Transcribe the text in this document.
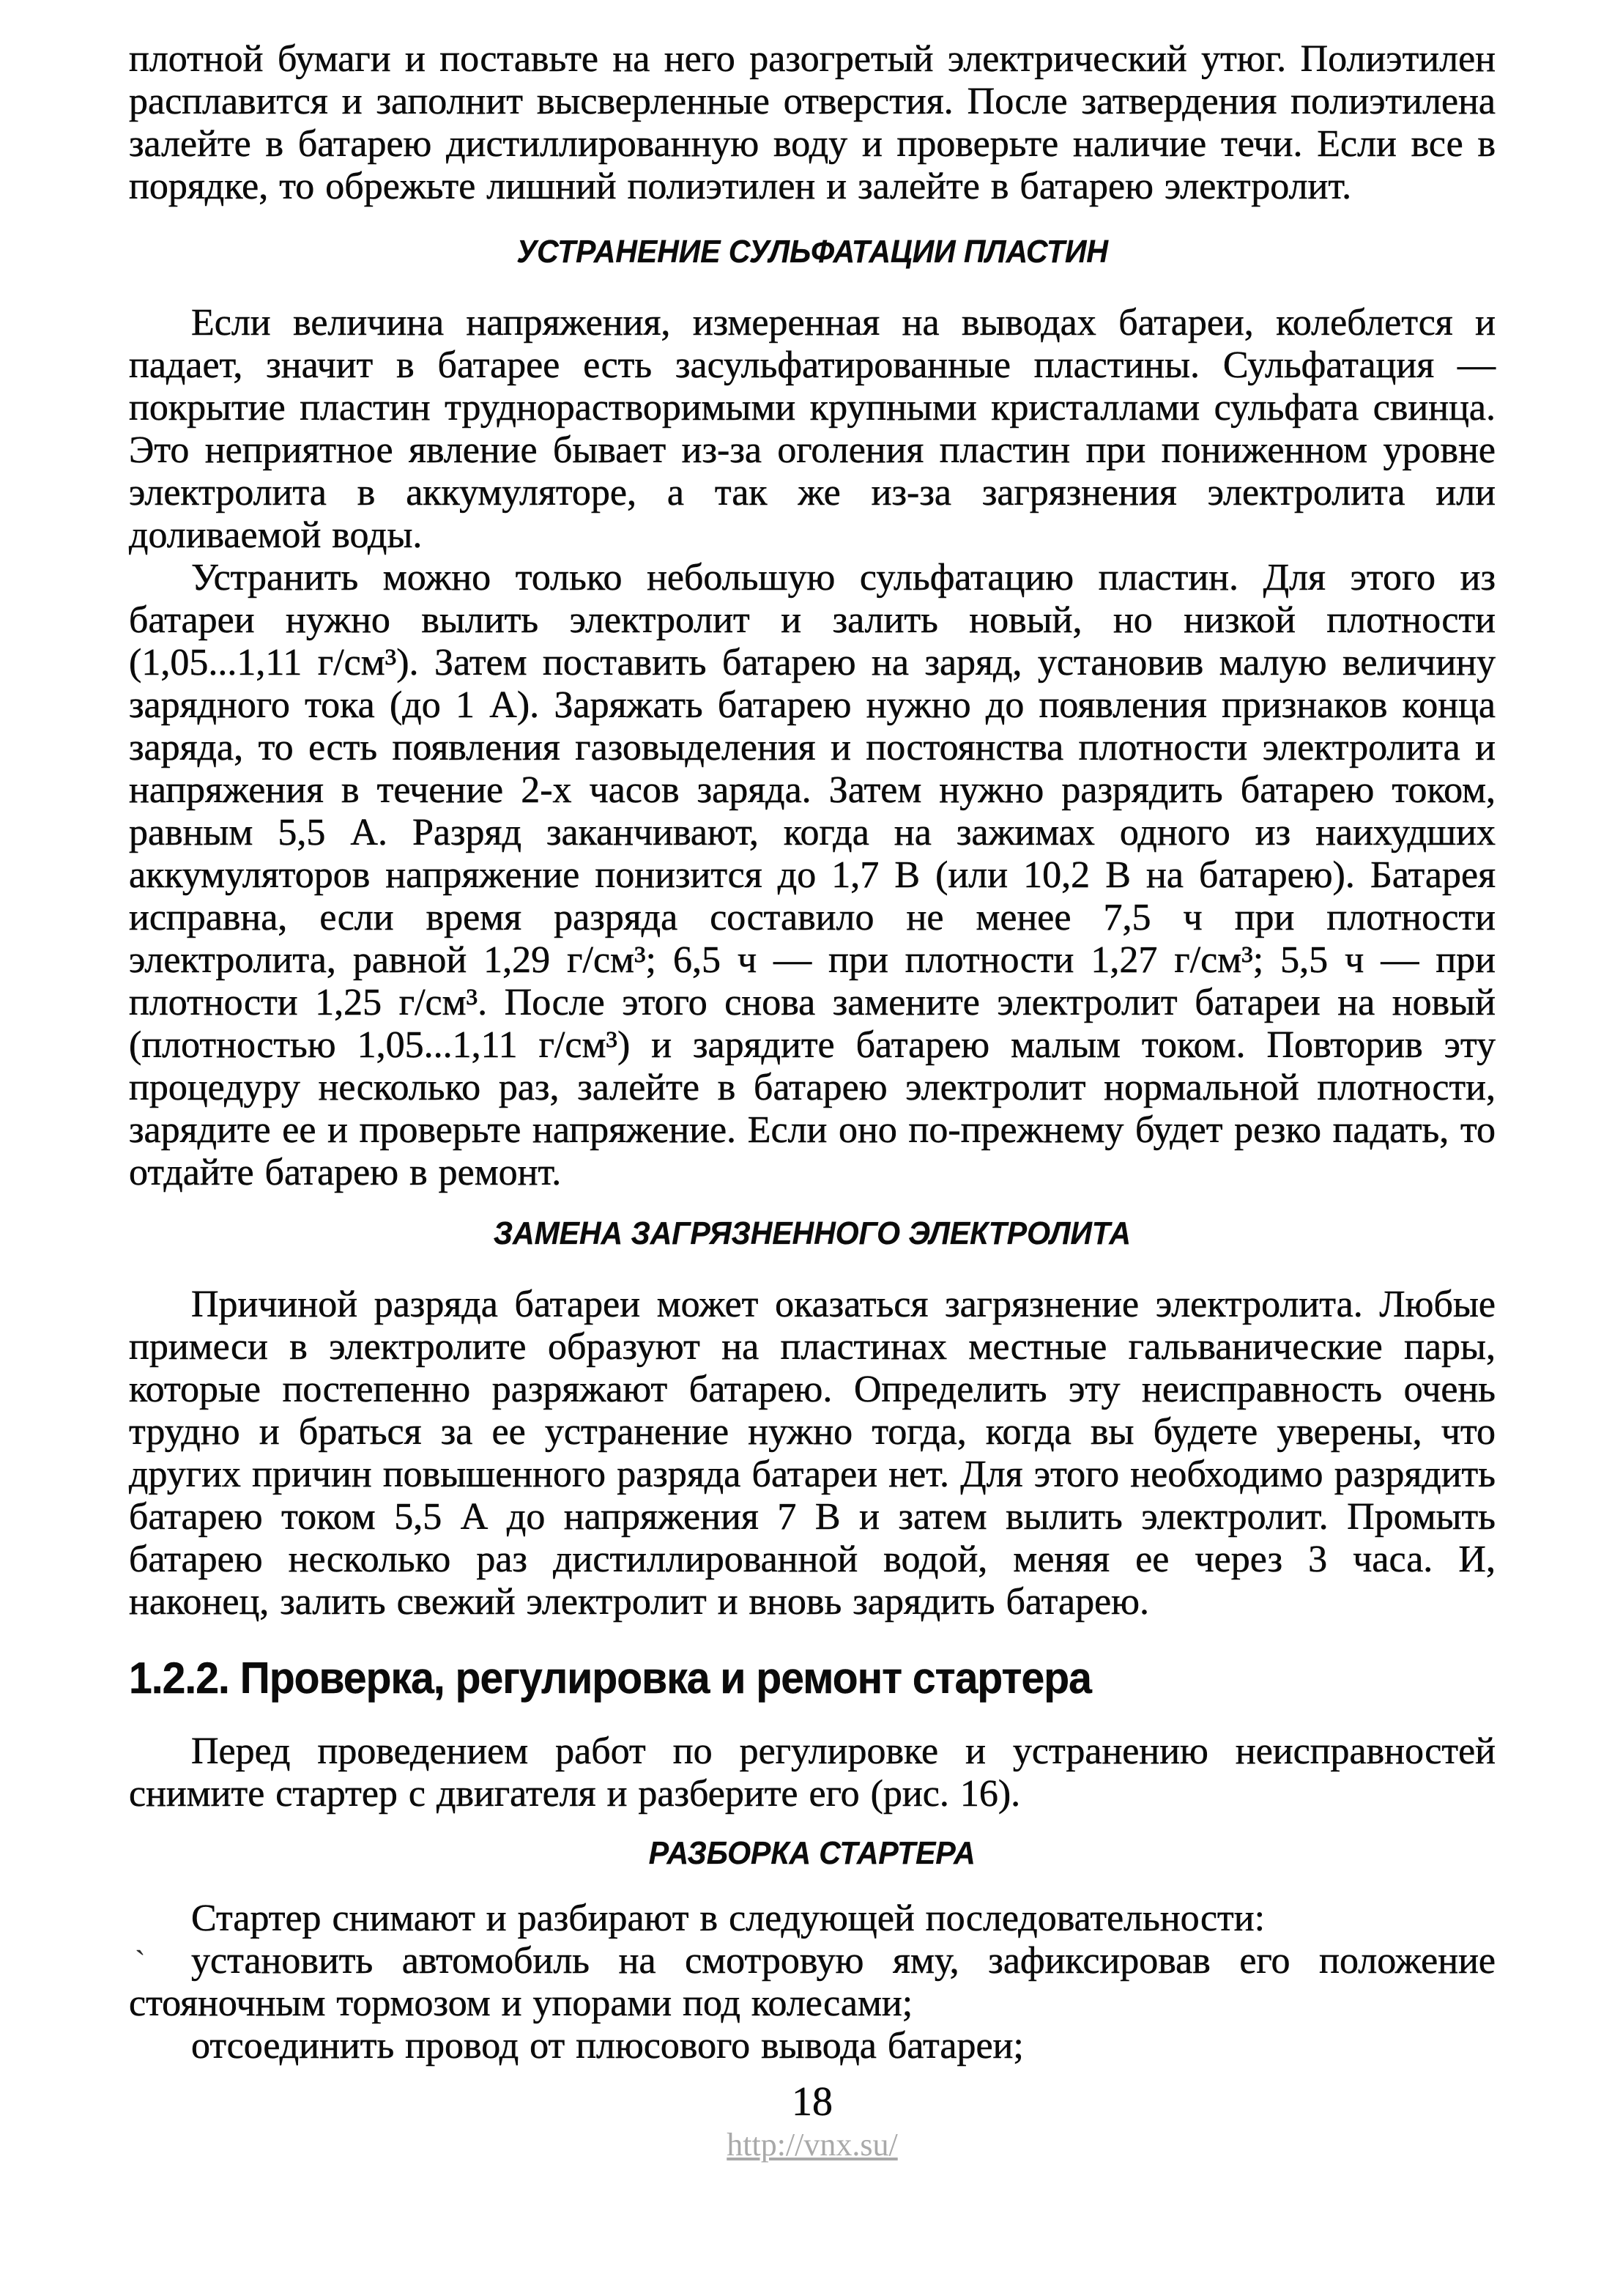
плотной бумаги и поставьте на него разогретый электрический утюг. Полиэтилен расплавится и заполнит высверленные отверстия. После затвердения полиэтилена залейте в батарею дистиллированную воду и проверьте наличие течи. Если все в порядке, то обрежьте лишний полиэтилен и залейте в батарею электролит.

УСТРАНЕНИЕ СУЛЬФАТАЦИИ ПЛАСТИН

Если величина напряжения, измеренная на выводах батареи, колеблется и падает, значит в батарее есть засульфатированные пластины. Сульфатация — покрытие пластин труднорастворимыми крупными кристаллами сульфата свинца. Это неприятное явление бывает из-за оголения пластин при пониженном уровне электролита в аккумуляторе, а так же из-за загрязнения электролита или доливаемой воды.

Устранить можно только небольшую сульфатацию пластин. Для этого из батареи нужно вылить электролит и залить новый, но низкой плотности (1,05...1,11 г/см³). Затем поставить батарею на заряд, установив малую величину зарядного тока (до 1 А). Заряжать батарею нужно до появления признаков конца заряда, то есть появления газовыделения и постоянства плотности электролита и напряжения в течение 2-х часов заряда. Затем нужно разрядить батарею током, равным 5,5 А. Разряд заканчивают, когда на зажимах одного из наихудших аккумуляторов напряжение понизится до 1,7 В (или 10,2 В на батарею). Батарея исправна, если время разряда составило не менее 7,5 ч при плотности электролита, равной 1,29 г/см³; 6,5 ч — при плотности 1,27 г/см³; 5,5 ч — при плотности 1,25 г/см³. После этого снова замените электролит батареи на новый (плотностью 1,05...1,11 г/см³) и зарядите батарею малым током. Повторив эту процедуру несколько раз, залейте в батарею электролит нормальной плотности, зарядите ее и проверьте напряжение. Если оно по-прежнему будет резко падать, то отдайте батарею в ремонт.

ЗАМЕНА ЗАГРЯЗНЕННОГО ЭЛЕКТРОЛИТА

Причиной разряда батареи может оказаться загрязнение электролита. Любые примеси в электролите образуют на пластинах местные гальванические пары, которые постепенно разряжают батарею. Определить эту неисправность очень трудно и браться за ее устранение нужно тогда, когда вы будете уверены, что других причин повышенного разряда батареи нет. Для этого необходимо разрядить батарею током 5,5 А до напряжения 7 В и затем вылить электролит. Промыть батарею несколько раз дистиллированной водой, меняя ее через 3 часа. И, наконец, залить свежий электролит и вновь зарядить батарею.

1.2.2. Проверка, регулировка и ремонт стартера

Перед проведением работ по регулировке и устранению неисправностей снимите стартер с двигателя и разберите его (рис. 16).

РАЗБОРКА СТАРТЕРА

Стартер снимают и разбирают в следующей последовательности:

` установить автомобиль на смотровую яму, зафиксировав его положение стояночным тормозом и упорами под колесами;

отсоединить провод от плюсового вывода батареи;

18
http://vnx.su/
